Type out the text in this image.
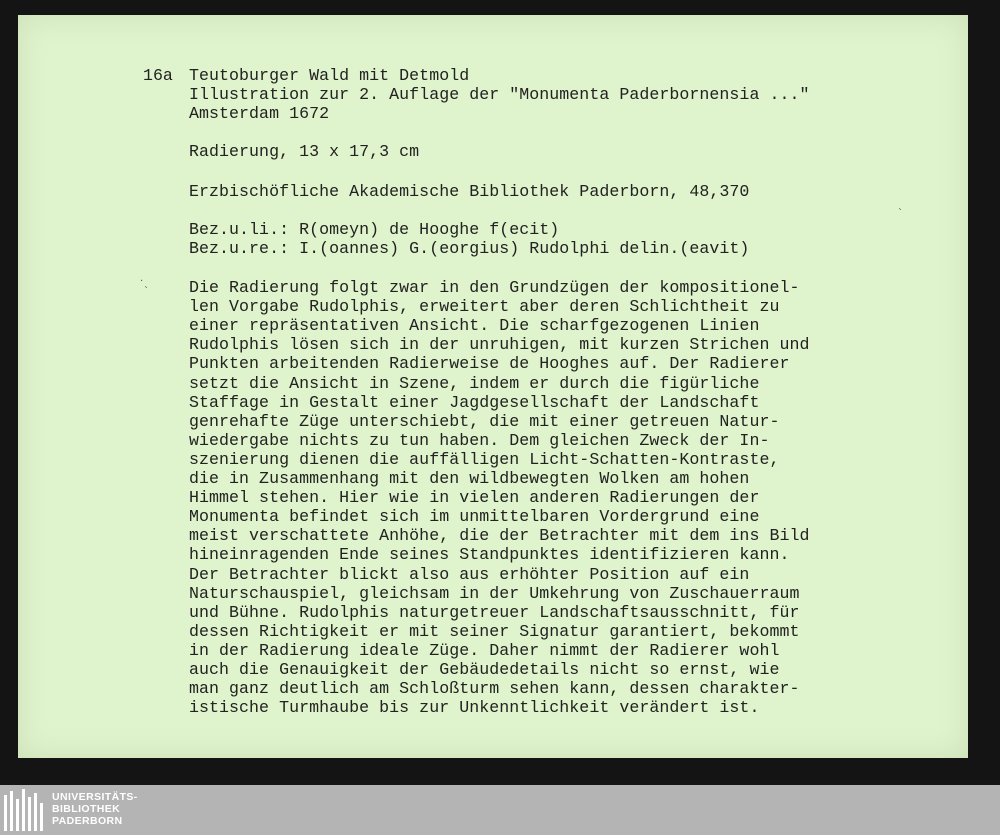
16a Teutoburger Wald mit Detmold
Illustration zur 2. Auflage der "Monumenta Paderbornensia ..."
Amsterdam 1672
Radierung, 13 x 17,3 cm
Erzbischöfliche Akademische Bibliothek Paderborn, 48,370
Bez.u.li.: R(omeyn) de Hooghe f(ecit)
Bez.u.re.: I.(oannes) G.(eorgius) Rudolphi delin.(eavit)
Die Radierung folgt zwar in den Grundzügen der kompositionel-
len Vorgabe Rudolphis, erweitert aber deren Schlichtheit zu
einer repräsentativen Ansicht. Die scharfgezogenen Linien
Rudolphis lösen sich in der unruhigen, mit kurzen Strichen und
Punkten arbeitenden Radierweise de Hooghes auf. Der Radierer
setzt die Ansicht in Szene, indem er durch die figürliche
Staffage in Gestalt einer Jagdgesellschaft der Landschaft
genrehafte Züge unterschiebt, die mit einer getreuen Natur-
wiedergabe nichts zu tun haben. Dem gleichen Zweck der In-
szenierung dienen die auffälligen Licht-Schatten-Kontraste,
die in Zusammenhang mit den wildbewegten Wolken am hohen
Himmel stehen. Hier wie in vielen anderen Radierungen der
Monumenta befindet sich im unmittelbaren Vordergrund eine
meist verschattete Anhöhe, die der Betrachter mit dem ins Bild
hineinragenden Ende seines Standpunktes identifizieren kann.
Der Betrachter blickt also aus erhöhter Position auf ein
Naturschauspiel, gleichsam in der Umkehrung von Zuschauerraum
und Bühne. Rudolphis naturgetreuer Landschaftsausschnitt, für
dessen Richtigkeit er mit seiner Signatur garantiert, bekommt
in der Radierung ideale Züge. Daher nimmt der Radierer wohl
auch die Genauigkeit der Gebäudedetails nicht so ernst, wie
man ganz deutlich am Schloßturm sehen kann, dessen charakter-
istische Turmhaube bis zur Unkenntlichkeit verändert ist.
.
`
`
UNIVERSITÄTS-
BIBLIOTHEK
PADERBORN
